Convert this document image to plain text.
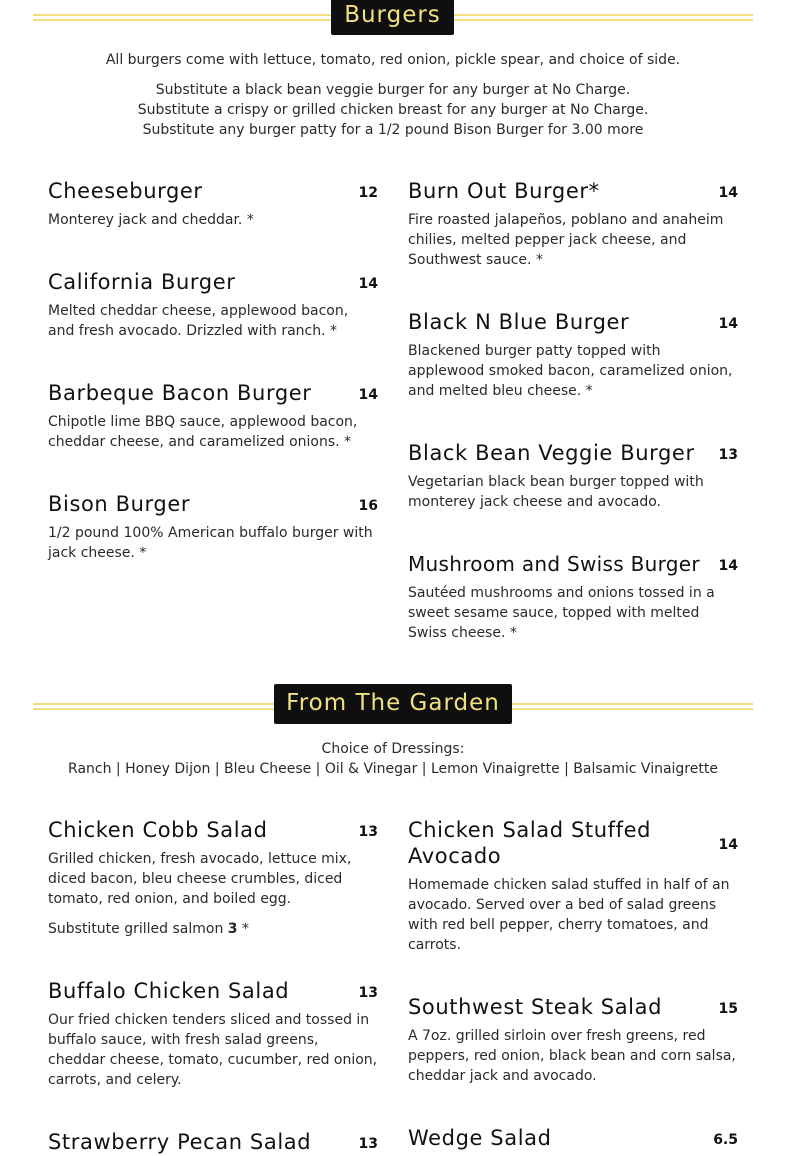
Burgers
All burgers come with lettuce, tomato, red onion, pickle spear, and choice of side.
Substitute a black bean veggie burger for any burger at No Charge.
Substitute a crispy or grilled chicken breast for any burger at No Charge.
Substitute any burger patty for a 1/2 pound Bison Burger for 3.00 more
Cheeseburger	12
Monterey jack and cheddar. *
California Burger	14
Melted cheddar cheese, applewood bacon, and fresh avocado. Drizzled with ranch. *
Barbeque Bacon Burger	14
Chipotle lime BBQ sauce, applewood bacon, cheddar cheese, and caramelized onions. *
Bison Burger	16
1/2 pound 100% American buffalo burger with jack cheese. *
Burn Out Burger*	14
Fire roasted jalapeños, poblano and anaheim chilies, melted pepper jack cheese, and Southwest sauce. *
Black N Blue Burger	14
Blackened burger patty topped with applewood smoked bacon, caramelized onion, and melted bleu cheese. *
Black Bean Veggie Burger	13
Vegetarian black bean burger topped with monterey jack cheese and avocado.
Mushroom and Swiss Burger	14
Sautéed mushrooms and onions tossed in a sweet sesame sauce, topped with melted Swiss cheese. *
From The Garden
Choice of Dressings:
Ranch | Honey Dijon | Bleu Cheese | Oil & Vinegar | Lemon Vinaigrette | Balsamic Vinaigrette
Chicken Cobb Salad	13
Grilled chicken, fresh avocado, lettuce mix, diced bacon, bleu cheese crumbles, diced tomato, red onion, and boiled egg.
Substitute grilled salmon 3 *
Buffalo Chicken Salad	13
Our fried chicken tenders sliced and tossed in buffalo sauce, with fresh salad greens, cheddar cheese, tomato, cucumber, red onion, carrots, and celery.
Strawberry Pecan Salad	13
Chicken Salad Stuffed Avocado	14
Homemade chicken salad stuffed in half of an avocado. Served over a bed of salad greens with red bell pepper, cherry tomatoes, and carrots.
Southwest Steak Salad	15
A 7oz. grilled sirloin over fresh greens, red peppers, red onion, black bean and corn salsa, cheddar jack and avocado.
Wedge Salad	6.5
